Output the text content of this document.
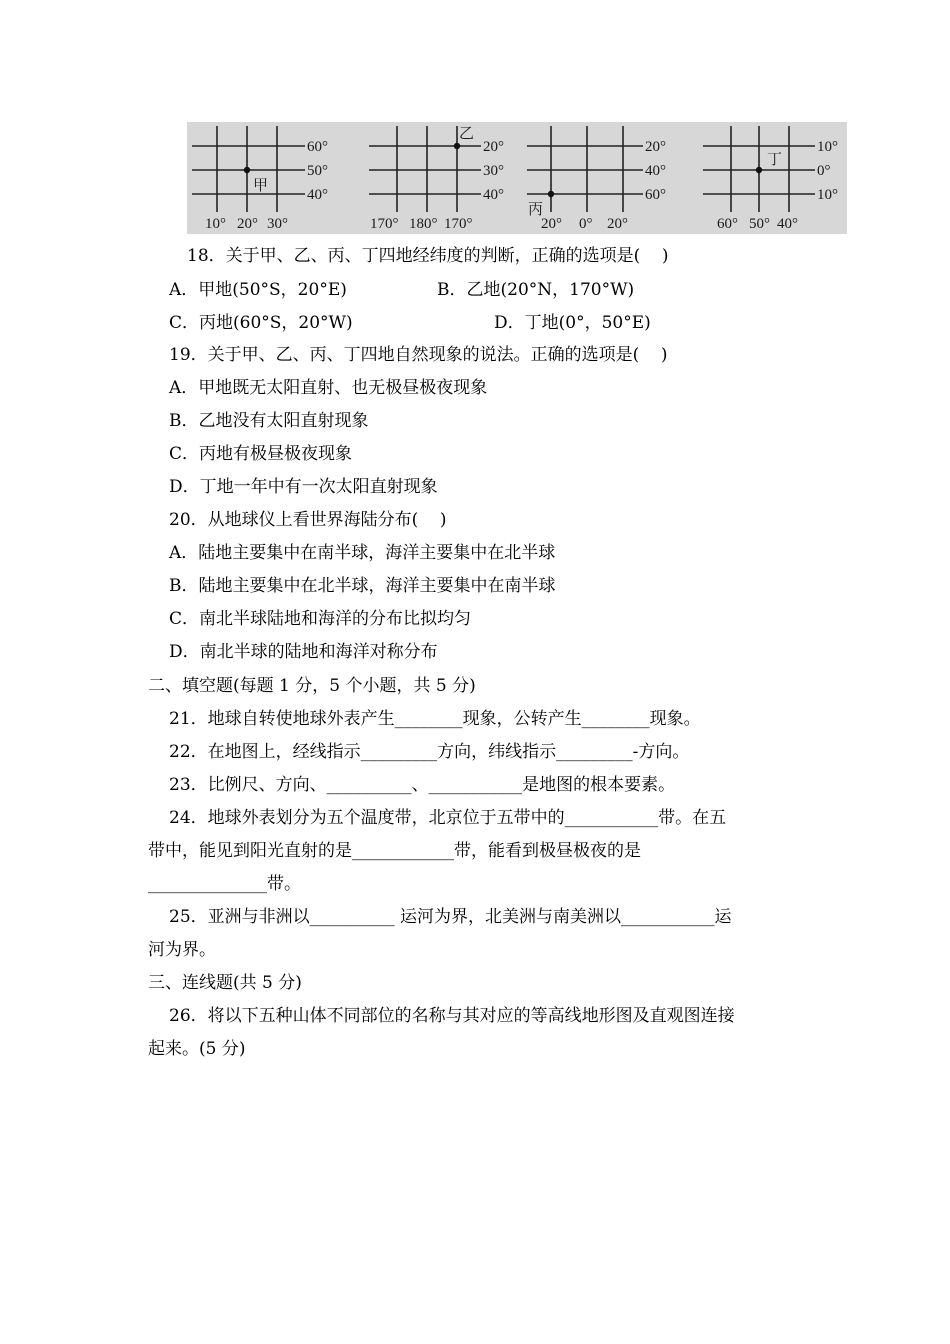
60°
50°
40°
10° 20° 30°
甲
20°
30°
40°
170° 180° 170°
乙
20°
40°
60°
20° 0° 20°
丙
10°
0°
10°
60° 50° 40°
丁
18．关于甲、乙、丙、丁四地经纬度的判断，正确的选项是(    )
A．甲地(50°S，20°E)	B．乙地(20°N，170°W)
C．丙地(60°S，20°W)	D．丁地(0°，50°E)
19．关于甲、乙、丙、丁四地自然现象的说法。正确的选项是(    )
A．甲地既无太阳直射、也无极昼极夜现象
B．乙地没有太阳直射现象
C．丙地有极昼极夜现象
D．丁地一年中有一次太阳直射现象
20．从地球仪上看世界海陆分布(    )
A．陆地主要集中在南半球，海洋主要集中在北半球
B．陆地主要集中在北半球，海洋主要集中在南半球
C．南北半球陆地和海洋的分布比拟均匀
D．南北半球的陆地和海洋对称分布
二、填空题(每题 1 分，5 个小题，共 5 分)
21．地球自转使地球外表产生________现象，公转产生________现象。
22．在地图上，经线指示_________方向，纬线指示_________-方向。
23．比例尺、方向、__________、___________是地图的根本要素。
24．地球外表划分为五个温度带，北京位于五带中的___________带。在五
带中，能见到阳光直射的是____________带，能看到极昼极夜的是
______________带。
25．亚洲与非洲以__________ 运河为界，北美洲与南美洲以___________运
河为界。
三、连线题(共 5 分)
26．将以下五种山体不同部位的名称与其对应的等高线地形图及直观图连接
起来。(5 分)
